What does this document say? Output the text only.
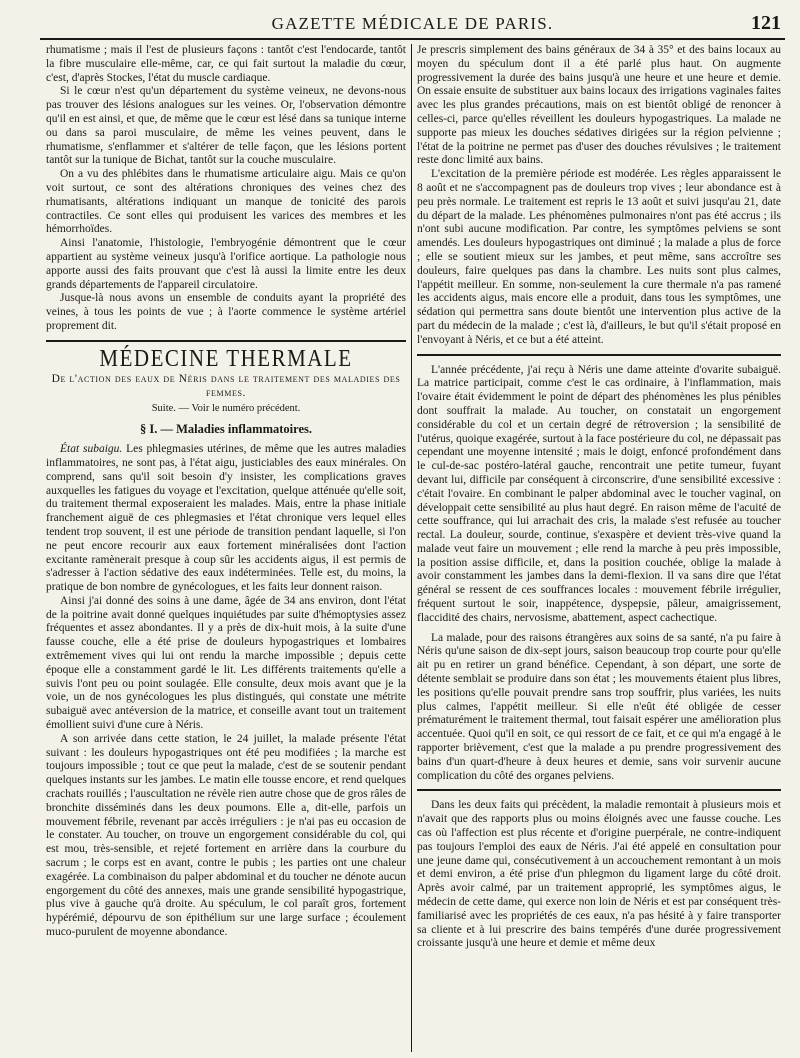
GAZETTE MÉDICALE DE PARIS.	121

rhumatisme ; mais il l'est de plusieurs façons : tantôt c'est l'endocarde, tantôt la fibre musculaire elle-même, car, ce qui fait surtout la maladie du cœur, c'est, d'après Stockes, l'état du muscle cardiaque.

Si le cœur n'est qu'un département du système veineux, ne devons-nous pas trouver des lésions analogues sur les veines. Or, l'observation démontre qu'il en est ainsi, et que, de même que le cœur est lésé dans sa tunique interne ou dans sa paroi musculaire, de même les veines peuvent, dans le rhumatisme, s'enflammer et s'altérer de telle façon, que les lésions portent tantôt sur la tunique de Bichat, tantôt sur la couche musculaire.

On a vu des phlébites dans le rhumatisme articulaire aigu. Mais ce qu'on voit surtout, ce sont des altérations chroniques des veines chez des rhumatisants, altérations indiquant un manque de tonicité des parois contractiles. Ce sont elles qui produisent les varices des membres et les hémorrhoïdes.

Ainsi l'anatomie, l'histologie, l'embryogénie démontrent que le cœur appartient au système veineux jusqu'à l'orifice aortique. La pathologie nous apporte aussi des faits prouvant que c'est là aussi la limite entre les deux grands départements de l'appareil circulatoire.

Jusque-là nous avons un ensemble de conduits ayant la propriété des veines, à tous les points de vue ; à l'aorte commence le système artériel proprement dit.

MÉDECINE THERMALE

De l'action des eaux de Néris dans le traitement des maladies des femmes.

Suite. — Voir le numéro précédent.

§ I. — Maladies inflammatoires.

État subaigu. Les phlegmasies utérines, de même que les autres maladies inflammatoires, ne sont pas, à l'état aigu, justiciables des eaux minérales. On comprend, sans qu'il soit besoin d'y insister, les complications graves auxquelles les fatigues du voyage et l'excitation, quelque atténuée qu'elle soit, du traitement thermal exposeraient les malades. Mais, entre la phase initiale franchement aiguë de ces phlegmasies et l'état chronique vers lequel elles tendent trop souvent, il est une période de transition pendant laquelle, si l'on ne peut encore recourir aux eaux fortement minéralisées dont l'action excitante ramènerait presque à coup sûr les accidents aigus, il est permis de s'adresser à l'action sédative des eaux indéterminées. Telle est, du moins, la pratique de bon nombre de gynécologues, et les faits leur donnent raison.

Ainsi j'ai donné des soins à une dame, âgée de 34 ans environ, dont l'état de la poitrine avait donné quelques inquiétudes par suite d'hémoptysies assez fréquentes et assez abondantes. Il y a près de dix-huit mois, à la suite d'une fausse couche, elle a été prise de douleurs hypogastriques et lombaires extrêmement vives qui lui ont rendu la marche impossible ; depuis cette époque elle a constamment gardé le lit. Les différents traitements qu'elle a suivis l'ont peu ou point soulagée. Elle consulte, deux mois avant que je la voie, un de nos gynécologues les plus distingués, qui constate une métrite subaiguë avec antéversion de la matrice, et conseille avant tout un traitement émollient suivi d'une cure à Néris.

A son arrivée dans cette station, le 24 juillet, la malade présente l'état suivant : les douleurs hypogastriques ont été peu modifiées ; la marche est toujours impossible ; tout ce que peut la malade, c'est de se soutenir pendant quelques instants sur les jambes. Le matin elle tousse encore, et rend quelques crachats rouillés ; l'auscultation ne révèle rien autre chose que de gros râles de bronchite disséminés dans les deux poumons. Elle a, dit-elle, parfois un mouvement fébrile, revenant par accès irréguliers : je n'ai pas eu occasion de le constater. Au toucher, on trouve un engorgement considérable du col, qui est mou, très-sensible, et rejeté fortement en arrière dans la courbure du sacrum ; le corps est en avant, contre le pubis ; les parties ont une chaleur exagérée. La combinaison du palper abdominal et du toucher ne dénote aucun engorgement du côté des annexes, mais une grande sensibilité hypogastrique, plus vive à gauche qu'à droite. Au spéculum, le col paraît gros, fortement hypérémié, dépourvu de son épithélium sur une large surface ; écoulement muco-purulent de moyenne abondance.

Je prescris simplement des bains généraux de 34 à 35° et des bains locaux au moyen du spéculum dont il a été parlé plus haut. On augmente progressivement la durée des bains jusqu'à une heure et une heure et demie. On essaie ensuite de substituer aux bains locaux des irrigations vaginales faites avec les plus grandes précautions, mais on est bientôt obligé de renoncer à celles-ci, parce qu'elles réveillent les douleurs hypogastriques. La malade ne supporte pas mieux les douches sédatives dirigées sur la région pelvienne ; l'état de la poitrine ne permet pas d'user des douches révulsives ; le traitement reste donc limité aux bains.

L'excitation de la première période est modérée. Les règles apparaissent le 8 août et ne s'accompagnent pas de douleurs trop vives ; leur abondance est à peu près normale. Le traitement est repris le 13 août et suivi jusqu'au 21, date du départ de la malade. Les phénomènes pulmonaires n'ont pas été accrus ; ils n'ont subi aucune modification. Par contre, les symptômes pelviens se sont amendés. Les douleurs hypogastriques ont diminué ; la malade a plus de force ; elle se soutient mieux sur les jambes, et peut même, sans accroître ses douleurs, faire quelques pas dans la chambre. Les nuits sont plus calmes, l'appétit meilleur. En somme, non-seulement la cure thermale n'a pas ramené les accidents aigus, mais encore elle a produit, dans tous les symptômes, une sédation qui permettra sans doute bientôt une intervention plus active de la part du médecin de la malade ; c'est là, d'ailleurs, le but qu'il s'était proposé en l'envoyant à Néris, et ce but a été atteint.

L'année précédente, j'ai reçu à Néris une dame atteinte d'ovarite subaiguë. La matrice participait, comme c'est le cas ordinaire, à l'inflammation, mais l'ovaire était évidemment le point de départ des phénomènes les plus pénibles dont souffrait la malade. Au toucher, on constatait un engorgement considérable du col et un certain degré de rétroversion ; la sensibilité de l'utérus, quoique exagérée, surtout à la face postérieure du col, ne dépassait pas cependant une moyenne intensité ; mais le doigt, enfoncé profondément dans le cul-de-sac postéro-latéral gauche, rencontrait une petite tumeur, fuyant devant lui, difficile par conséquent à circonscrire, d'une sensibilité excessive : c'était l'ovaire. En combinant le palper abdominal avec le toucher vaginal, on développait cette sensibilité au plus haut degré. En raison même de l'acuité de cette souffrance, qui lui arrachait des cris, la malade s'est refusée au toucher rectal. La douleur, sourde, continue, s'exaspère et devient très-vive quand la malade veut faire un mouvement ; elle rend la marche à peu près impossible, la position assise difficile, et, dans la position couchée, oblige la malade à avoir constamment les jambes dans la demi-flexion. Il va sans dire que l'état général se ressent de ces souffrances locales : mouvement fébrile irrégulier, fréquent surtout le soir, inappétence, dyspepsie, pâleur, amaigrissement, flaccidité des chairs, nervosisme, abattement, aspect cachectique.

La malade, pour des raisons étrangères aux soins de sa santé, n'a pu faire à Néris qu'une saison de dix-sept jours, saison beaucoup trop courte pour qu'elle ait pu en retirer un grand bénéfice. Cependant, à son départ, une sorte de détente semblait se produire dans son état ; les mouvements étaient plus libres, les positions qu'elle pouvait prendre sans trop souffrir, plus variées, les nuits plus calmes, l'appétit meilleur. Si elle n'eût été obligée de cesser prématurément le traitement thermal, tout faisait espérer une amélioration plus accentuée. Quoi qu'il en soit, ce qui ressort de ce fait, et ce qui m'a engagé à le rapporter brièvement, c'est que la malade a pu prendre progressivement des bains d'un quart-d'heure à deux heures et demie, sans voir survenir aucune complication du côté des organes pelviens.

Dans les deux faits qui précèdent, la maladie remontait à plusieurs mois et n'avait que des rapports plus ou moins éloignés avec une fausse couche. Les cas où l'affection est plus récente et d'origine puerpérale, ne contre-indiquent pas toujours l'emploi des eaux de Néris. J'ai été appelé en consultation pour une jeune dame qui, consécutivement à un accouchement remontant à un mois et demi environ, a été prise d'un phlegmon du ligament large du côté droit. Après avoir calmé, par un traitement approprié, les symptômes aigus, le médecin de cette dame, qui exerce non loin de Néris et est par conséquent très-familiarisé avec les propriétés de ces eaux, n'a pas hésité à y faire transporter sa cliente et à lui prescrire des bains tempérés d'une durée progressivement croissante jusqu'à une heure et demie et même deux
